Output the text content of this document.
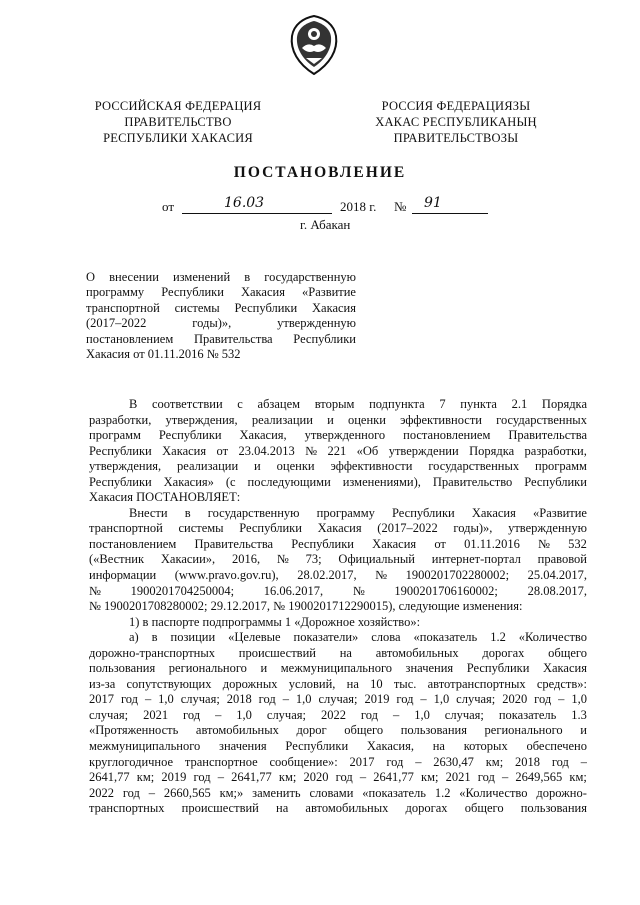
РОССИЙСКАЯ ФЕДЕРАЦИЯ
ПРАВИТЕЛЬСТВО
РЕСПУБЛИКИ ХАКАСИЯ
РОССИЯ ФЕДЕРАЦИЯЗЫ
ХАКАС РЕСПУБЛИКАНЫҢ
ПРАВИТЕЛЬСТВОЗЫ
ПОСТАНОВЛЕНИЕ
от	16.03	2018 г. № 91
г. Абакан
О внесении изменений в государственную
программу Республики Хакасия «Развитие
транспортной системы Республики Хакасия
(2017–2022	годы)»,	утвержденную
постановлением Правительства Республики
Хакасия от 01.11.2016 № 532
В соответствии с абзацем вторым подпункта 7 пункта 2.1 Порядка
разработки, утверждения, реализации и оценки эффективности государственных
программ Республики Хакасия, утвержденного постановлением Правительства
Республики Хакасия от 23.04.2013 № 221 «Об утверждении Порядка разработки,
утверждения, реализации и оценки эффективности государственных программ
Республики Хакасия» (с последующими изменениями), Правительство Республики
Хакасия ПОСТАНОВЛЯЕТ:
Внести в государственную программу Республики Хакасия «Развитие
транспортной системы Республики Хакасия (2017–2022 годы)», утвержденную
постановлением Правительства Республики Хакасия от 01.11.2016 № 532
(«Вестник Хакасии», 2016, № 73; Официальный интернет-портал правовой
информации (www.pravo.gov.ru), 28.02.2017, № 1900201702280002; 25.04.2017,
№ 1900201704250004; 16.06.2017, № 1900201706160002; 28.08.2017,
№ 1900201708280002; 29.12.2017, № 1900201712290015), следующие изменения:
1) в паспорте подпрограммы 1 «Дорожное хозяйство»:
а) в позиции «Целевые показатели» слова «показатель 1.2 «Количество
дорожно-транспортных происшествий на автомобильных дорогах общего
пользования регионального и межмуниципального значения Республики Хакасия
из-за сопутствующих дорожных условий, на 10 тыс. автотранспортных средств»:
2017 год – 1,0 случая; 2018 год – 1,0 случая; 2019 год – 1,0 случая; 2020 год – 1,0
случая; 2021 год – 1,0 случая; 2022 год – 1,0 случая; показатель 1.3
«Протяженность автомобильных дорог общего пользования регионального и
межмуниципального значения Республики Хакасия, на которых обеспечено
круглогодичное транспортное сообщение»: 2017 год – 2630,47 км; 2018 год –
2641,77 км; 2019 год – 2641,77 км; 2020 год – 2641,77 км; 2021 год – 2649,565 км;
2022 год – 2660,565 км;» заменить словами «показатель 1.2 «Количество дорожно-
транспортных происшествий на автомобильных дорогах общего пользования
